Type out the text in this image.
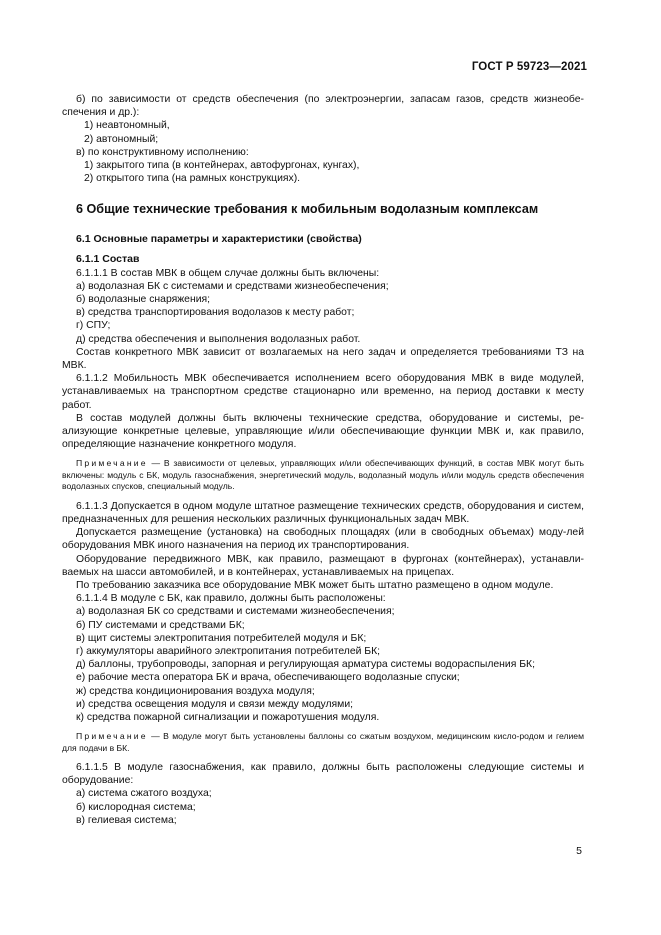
ГОСТ Р 59723—2021

б) по зависимости от средств обеспечения (по электроэнергии, запасам газов, средств жизнеобе-спечения и др.):

1) неавтономный,

2) автономный;

в) по конструктивному исполнению:

1) закрытого типа (в контейнерах, автофургонах, кунгах),

2) открытого типа (на рамных конструкциях).

6 Общие технические требования к мобильным водолазным комплексам
6.1 Основные параметры и характеристики (свойства)
6.1.1 Состав

6.1.1.1 В состав МВК в общем случае должны быть включены:

а) водолазная БК с системами и средствами жизнеобеспечения;

б) водолазные снаряжения;

в) средства транспортирования водолазов к месту работ;

г) СПУ;

д) средства обеспечения и выполнения водолазных работ.

Состав конкретного МВК зависит от возлагаемых на него задач и определяется требованиями ТЗ на МВК.

6.1.1.2 Мобильность МВК обеспечивается исполнением всего оборудования МВК в виде модулей, устанавливаемых на транспортном средстве стационарно или временно, на период доставки к месту работ.

В состав модулей должны быть включены технические средства, оборудование и системы, ре-ализующие конкретные целевые, управляющие и/или обеспечивающие функции МВК и, как правило, определяющие назначение конкретного модуля.

Примечание — В зависимости от целевых, управляющих и/или обеспечивающих функций, в состав МВК могут быть включены: модуль с БК, модуль газоснабжения, энергетический модуль, водолазный модуль и/или модуль средств обеспечения водолазных спусков, специальный модуль.

6.1.1.3 Допускается в одном модуле штатное размещение технических средств, оборудования и систем, предназначенных для решения нескольких различных функциональных задач МВК.

Допускается размещение (установка) на свободных площадях (или в свободных объемах) моду-лей оборудования МВК иного назначения на период их транспортирования.

Оборудование передвижного МВК, как правило, размещают в фургонах (контейнерах), устанавли-ваемых на шасси автомобилей, и в контейнерах, устанавливаемых на прицепах.

По требованию заказчика все оборудование МВК может быть штатно размещено в одном модуле.

6.1.1.4 В модуле с БК, как правило, должны быть расположены:

а) водолазная БК со средствами и системами жизнеобеспечения;

б) ПУ системами и средствами БК;

в) щит системы электропитания потребителей модуля и БК;

г) аккумуляторы аварийного электропитания потребителей БК;

д) баллоны, трубопроводы, запорная и регулирующая арматура системы водораспыления БК;

е) рабочие места оператора БК и врача, обеспечивающего водолазные спуски;

ж) средства кондиционирования воздуха модуля;

и) средства освещения модуля и связи между модулями;

к) средства пожарной сигнализации и пожаротушения модуля.

Примечание — В модуле могут быть установлены баллоны со сжатым воздухом, медицинским кисло-родом и гелием для подачи в БК.

6.1.1.5 В модуле газоснабжения, как правило, должны быть расположены следующие системы и оборудование:

а) система сжатого воздуха;

б) кислородная система;

в) гелиевая система;

5
